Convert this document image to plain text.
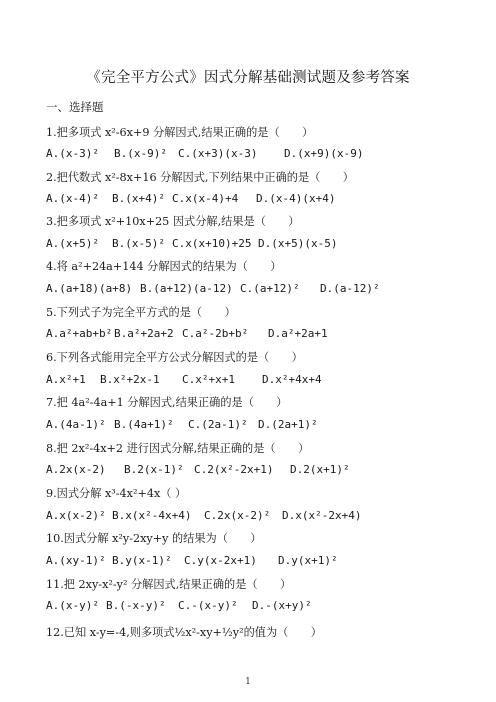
《完全平方公式》因式分解基础测试题及参考答案
一、选择题
1.把多项式 x²-6x+9 分解因式,结果正确的是（　　）
A.(x-3)² B.(x-9)² C.(x+3)(x-3) D.(x+9)(x-9)
2.把代数式 x²-8x+16 分解因式,下列结果中正确的是（　　）
A.(x-4)² B.(x+4)² C.x(x-4)+4 D.(x-4)(x+4)
3.把多项式 x²+10x+25 因式分解,结果是（　　）
A.(x+5)² B.(x-5)² C.x(x+10)+25 D.(x+5)(x-5)
4.将 a²+24a+144 分解因式的结果为（　　）
A.(a+18)(a+8) B.(a+12)(a-12) C.(a+12)² D.(a-12)²
5.下列式子为完全平方式的是（　　）
A.a²+ab+b² B.a²+2a+2 C.a²-2b+b² D.a²+2a+1
6.下列各式能用完全平方公式分解因式的是（　　）
A.x²+1 B.x²+2x-1 C.x²+x+1 D.x²+4x+4
7.把 4a²-4a+1 分解因式,结果正确的是（　　）
A.(4a-1)² B.(4a+1)² C.(2a-1)² D.(2a+1)²
8.把 2x²-4x+2 进行因式分解,结果正确的是（　　）
A.2x(x-2) B.2(x-1)² C.2(x²-2x+1) D.2(x+1)²
9.因式分解 x³-4x²+4x（ ）
A.x(x-2)² B.x(x²-4x+4) C.2x(x-2)² D.x(x²-2x+4)
10.因式分解 x²y-2xy+y 的结果为（　　）
A.(xy-1)² B.y(x-1)² C.y(x-2x+1) D.y(x+1)²
11.把 2xy-x²-y² 分解因式,结果正确的是（　　）
A.(x-y)² B.(-x-y)² C.-(x-y)² D.-(x+y)²
12.已知 x-y=-4,则多项式½x²-xy+½y²的值为（　　）
1
